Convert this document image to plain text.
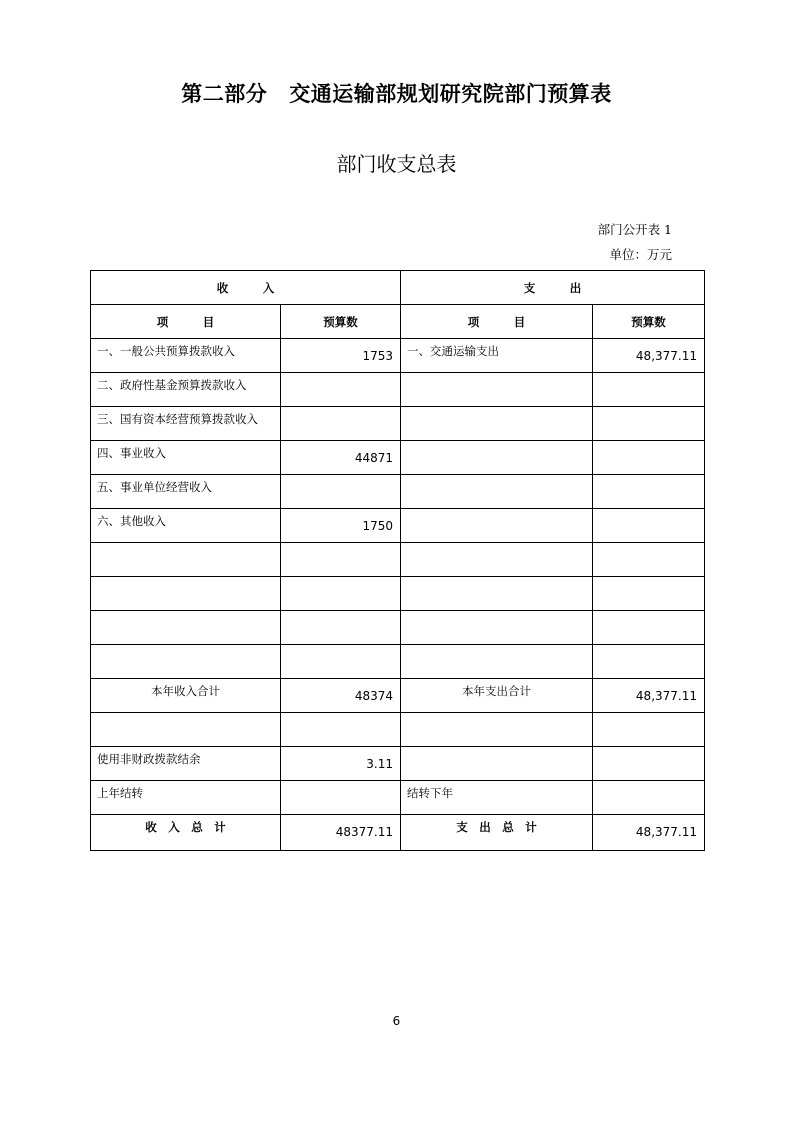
第二部分 交通运输部规划研究院部门预算表
部门收支总表
部门公开表 1
单位：万元
收　　　入		支　　　出	
项　　　目	预算数	项　　　目	预算数

一、一般公共预算拨款收入	1753	一、交通运输支出	48,377.11

二、政府性基金预算拨款收入			

三、国有资本经营预算拨款收入			

四、事业收入	44871		

五、事业单位经营收入			

六、其他收入	1750		

本年收入合计	48374	本年支出合计	48,377.11

使用非财政拨款结余	3.11		

上年结转		结转下年	

收　入　总　计	48377.11	支　出　总　计	48,377.11
6
